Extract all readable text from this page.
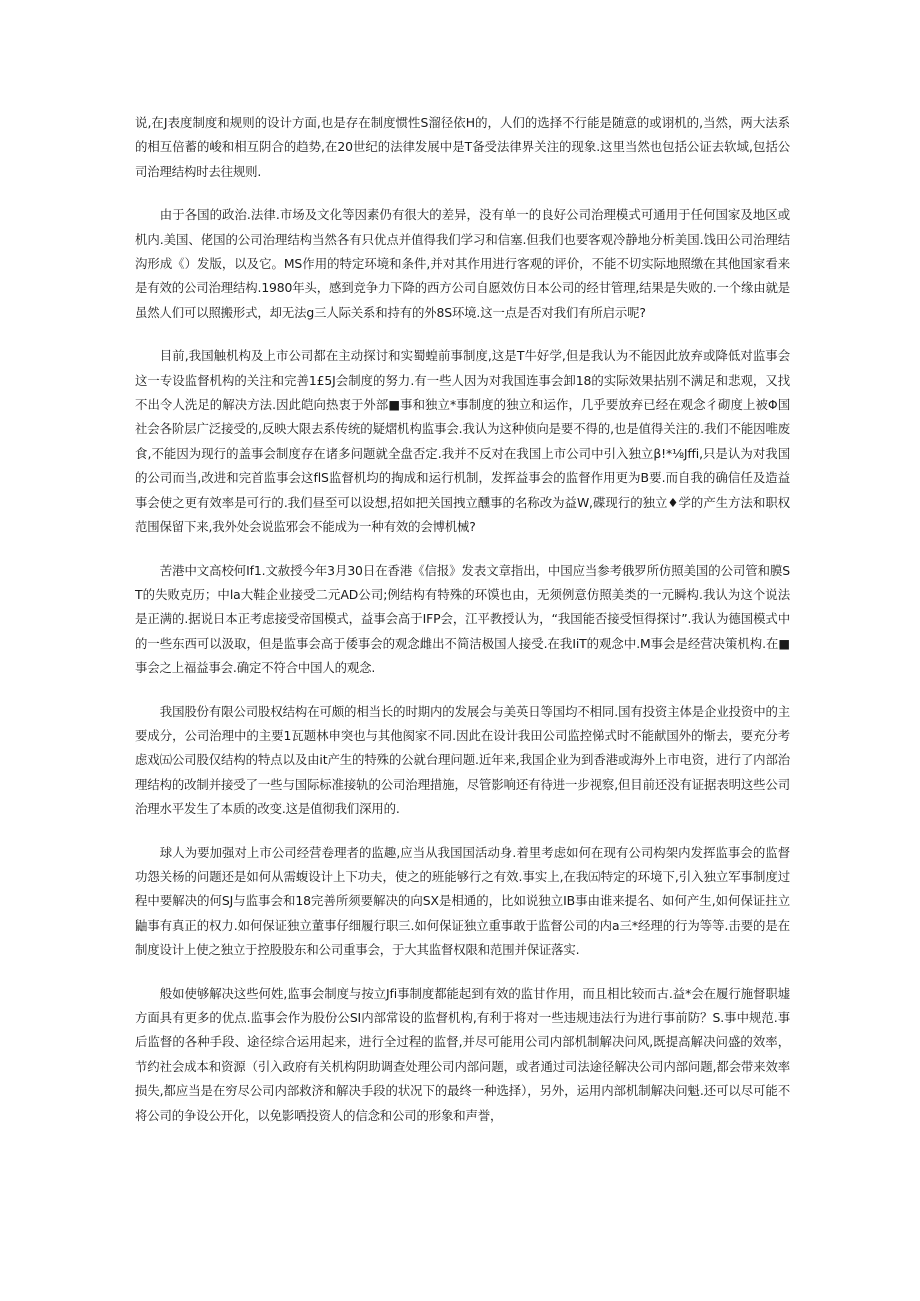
说,在J表度制度和规则的设计方面,也是存在制度惯性S溜径依H的，人们的选择不行能是随意的或诩机的,当然，两大法系的相互倍蓄的峻和相互阴合的趋势,在20世纪的法律发展中是T备受法律界关注的现象.这里当然也包括公证去软域,包括公司治理结构时去往规则.

由于各国的政治.法律.市场及文化等因素仍有很大的差异，没有单一的良好公司治理模式可通用于任何国家及地区或机内.美国、佬国的公司治理结构当然各有只优点并值得我们学习和信塞.但我们也要客观冷静地分析美国.饯田公司治理结沟形成《）发版，以及它。MS作用的特定环境和条件,并对其作用进行客观的评价，不能不切实际地照缴在其他国家看来是有效的公司治理结构.1980年头，感到竞争力下降的西方公司自愿效仿日本公司的经甘管理,结果是失败的.一个缘由就是虽然人们可以照搬形式，却无法g三人际关系和持有的外8S环境.这一点是否对我们有所启示呢?

目前,我国触机构及上市公司都在主动探讨和实蜀蝗前事制度,这是T牛好学,但是我认为不能因此放弃或降低对监事会这一专设监督机构的关注和完善1£5J会制度的努力.有一些人因为对我国连事会卸18的实际效果拈别不满足和悲观，又找不出令人洗足的解决方法.因此皑向热衷于外部■事和独立*事制度的独立和运作，几乎要放弃已经在观念彳砌度上被Φ国社会各阶层广泛接受的,反映大限去系传统的疑熠机构监事会.我认为这种侦向是要不得的,也是值得关注的.我们不能因唯废食,不能因为现行的盖事会制度存在诸多问题就全盘否定.我并不反对在我国上市公司中引入独立β!*⅛Jffi,只是认为对我国的公司而当,改进和完首监事会这flS监督机均的掏成和运行机制，发挥益事会的监督作用更为B要.而自我的确信任及造益事会使之更有效率是可行的.我们昼至可以设想,招如把关国拽立醺事的名称改为益W,碟现行的独立♦学的产生方法和职权范围保留下来,我外处会说监邪会不能成为一种有效的会博机械?

苦港中文高校何If1.文赦授今年3月30日在香港《信报》发表文章指出，中国应当参考俄罗所仿照美国的公司管和膜ST的失败克历；中la大鞋企业接受二元AD公司;例结构有特殊的环馍也由，无须例意仿照美类的一元瞬构.我认为这个说法是正满的.据说日本正考虑接受帝国模式，益事会高于IFP会，江平教授认为，“我国能否接受恒得探讨”.我认为德国模式中的一些东西可以汲取，但是监事会高于倭事会的观念雌出不简洁极国人接受.在我IiT的观念中.M事会是经营决策机构.在■事会之上福益事会.确定不符合中国人的观念.

我国股份有限公司股权结构在可颇的相当长的时期内的发展会与美英日等国均不相同.国有投资主体是企业投资中的主要成分，公司治理中的主要1瓦题林申突也与其他阂家不同.因此在设计我田公司监控悌式时不能献国外的惭去，要充分考虑戏㈤公司股仅结构的特点以及由it产生的特殊的公就台理问题.近年来,我国企业为到香港或海外上市电资，进行了内部治理结构的改制并接受了一些与国际标准接轨的公司治理措施，尽管影响还有待进一步视察,但目前还没有证据表明这些公司治理水平发生了本质的改变.这是值彻我们深用的.

球人为要加强对上市公司经营卷理者的监趣,应当从我国国活动身.着里考虑如何在现有公司构架内发挥监事会的监督功怨关杨的问题还是如何从需蝮设计上下功夫，使之的班能够行之有效.事实上,在我㈤特定的环境下,引入独立军事制度过程中要解决的何SJ与监事会和18完善所须要解决的向SX是相通的，比如说独立IB事由谁来提名、如何产生,如何保证拄立鼬事有真正的权力.如何保证独立董事仔细履行职三.如何保证独立重事敢于监督公司的内a三*经理的行为等等.击要的是在制度设计上使之独立于控股股东和公司重事会，于大其监督权限和范围并保证落实.

般如使够解决这些何姓,监事会制度与按立Jfi事制度都能起到有效的监甘作用，而且相比较而古.益*会在履行施督职墟方面具有更多的优点.监事会作为股份公SI内部常设的监督机构,有利于将对一些违规违法行为进行事前防？S.事中规范.事后监督的各种手段、途径综合运用起来，进行全过程的监督,并尽可能用公司内部机制解决问风,既提高解决问盛的效率，节约社会成本和资源（引入政府有关机构阴助调查处理公司内部问题，或者通过司法途径解决公司内部问题,都会带来效率损失,都应当是在穷尽公司内部救济和解决手段的状况下的最终一种选择），另外，运用内部机制解决问魁.还可以尽可能不将公司的争设公开化，以免影哂投资人的信念和公司的形象和声誉，
